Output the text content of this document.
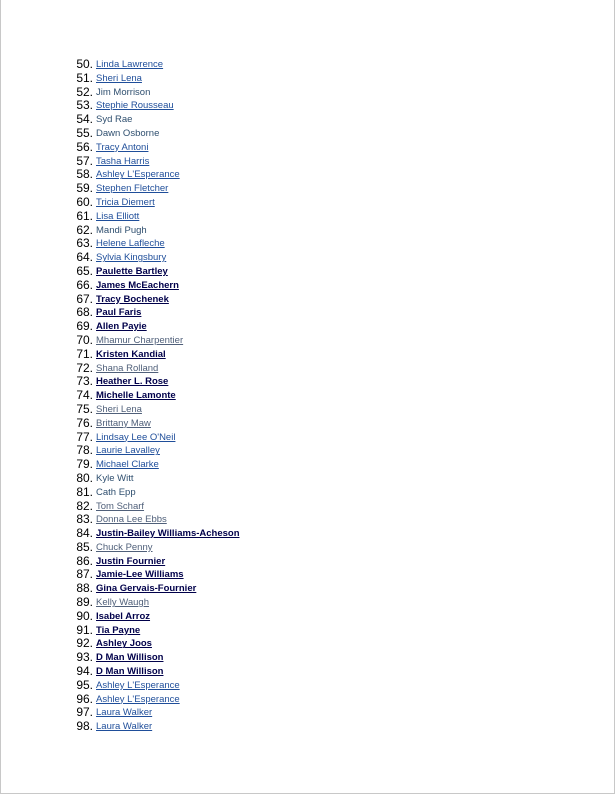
50. Linda Lawrence
51. Sheri Lena
52. Jim Morrison
53. Stephie Rousseau
54. Syd Rae
55. Dawn Osborne
56. Tracy Antoni
57. Tasha Harris
58. Ashley L'Esperance
59. Stephen Fletcher
60. Tricia Diemert
61. Lisa Elliott
62. Mandi Pugh
63. Helene Lafleche
64. Sylvia Kingsbury
65. Paulette Bartley
66. James McEachern
67. Tracy Bochenek
68. Paul Faris
69. Allen Payie
70. Mhamur Charpentier
71. Kristen Kandial
72. Shana Rolland
73. Heather L. Rose
74. Michelle Lamonte
75. Sheri Lena
76. Brittany Maw
77. Lindsay Lee O'Neil
78. Laurie Lavalley
79. Michael Clarke
80. Kyle Witt
81. Cath Epp
82. Tom Scharf
83. Donna Lee Ebbs
84. Justin-Bailey Williams-Acheson
85. Chuck Penny
86. Justin Fournier
87. Jamie-Lee Williams
88. Gina Gervais-Fournier
89. Kelly Waugh
90. Isabel Arroz
91. Tia Payne
92. Ashley Joos
93. D Man Willison
94. D Man Willison
95. Ashley L'Esperance
96. Ashley L'Esperance
97. Laura Walker
98. Laura Walker
